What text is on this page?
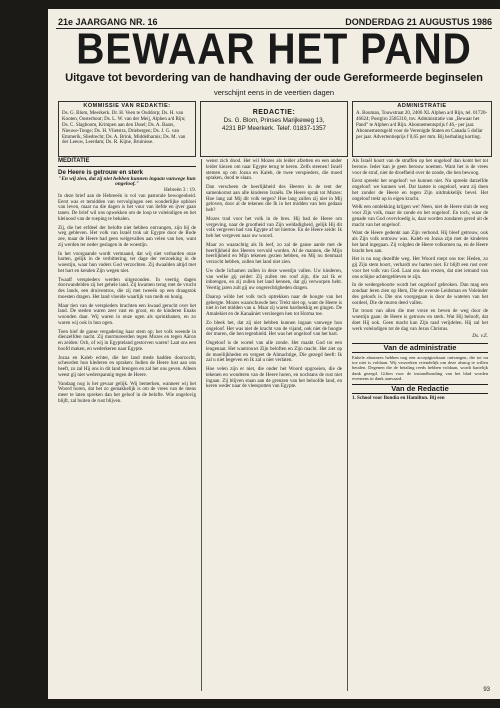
21e JAARGANG NR. 16	DONDERDAG 21 AUGUSTUS 1986
BEWAAR HET PAND
Uitgave tot bevordering van de handhaving der oude Gereformeerde beginselen
verschijnt eens in de veertien dagen
KOMMISSIE VAN REDAKTIE:

Ds. G. Blom, Meerkerk. Dr. H. Veen te Ouddorp; Ds. H. van Kooten, Oosterhout; Ds. L. W. van der Meij, Alphen a/d Rijn; Ds. C. Slagboom, Krimpen aan den IJssel; Ds. A. Baars, Nieuwe-Tonge; Ds. H. Vlietstra, Driebergen; Ds. J. G. van Emmerik, Sliedrecht; Ds. A. Brink, Middelharnis; Ds. M. van der Leeuw, Leerdam; Ds. R. Kijne, Bruinisse.

REDACTIE:

Ds. G. Blom, Prinses Marijkeweg 13,

4231 BP Meerkerk. Telef. 01837-1357

ADMINISTRATIE

A. Bouman, Touwstraat 20, 2406 XL Alphen a/d Rijn, tel. 01720-46624; Postgiro 2585310, tnv. Administratie van „Bewaar het Pand” te Alphen a/d Rijn. Abonnementsprijs f 46,- per jaar. Abonnementsgeld voor de Verenigde Staten en Canada 5 dollar per jaar. Advertentieprijs f 0,65 per mm. Bij herhaling korting.

MEDITATIE
De Heere is getrouw en sterk
"En wij zien, dat zij niet hebben kunnen ingaan vanwege hun ongeloof."
Hebreën 3 : 19.

In deze brief aan de Hebreeën is vol van pastorale bewogenheid. Eerst was er temidden van vervolgingen een wonderlijke opbloei van leven, maar na die dagen is het vuur van liefde en ijver gaan tanen. De brief wil ons opwekken om de loop te voleindigen en het kleinood van de roeping te behalen.

Zij, die het erfdeel der belofte niet hebben ontvangen, zijn bij de weg gebleven. Het volk van Israël trok uit Egypte door de Rode zee, maar de Heere had geen welgevallen aan velen van hen, want zij werden ter neder geslagen in de woestijn.

In het voorgaande wordt vermaand, dat wij niet verharden onze harten, gelijk in de verbittering, ter dage der verzoeking in de woestijn, waar hun vaders God verzochten. Zij dwaalden altijd met het hart en kenden Zijn wegen niet.

Twaalf verspieders werden uitgezonden. In veertig dagen doorwandelden zij het gehele land. Zij kwamen terug met de vrucht des lands, een druiventros, die zij met tweeën op een draagstok moesten dragen. Het land vloeide waarlijk van melk en honig.

Maar tien van de verspieders brachten een kwaad gerucht over het land. De steden waren zeer vast en groot, en de kinderen Enaks woonden daar. Wij waren in onze ogen als sprinkhanen, en zo waren wij ook in hun ogen.

Toen hief de ganse vergadering haar stem op; het volk weende in dienzelfden nacht. Zij murmureerden tegen Mozes en tegen Aäron en zeiden: Och, of wij in Egypteland gestorven waren! Laat ons een hoofd maken, en wederkeren naar Egypte.

Jozua en Kaleb echter, die het land mede hadden doorzocht, scheurden hun klederen en spraken: Indien de Heere lust aan ons heeft, zo zal Hij ons in dit land brengen en zal het ons geven. Alleen weest gij niet wederspannig tegen de Heere.

Vandaag nog is het gevaar gelijk. Wij bemerken, wanneer wij het Woord horen, dat het zo gemakkelijk is om de vrees van de mens meer te laten spreken dan het geloof in de belofte. Wie ongelovig blijft, zal buiten de rust blijven.

wenst zich dood. Het wil Mozes als leider afzetten en een ander leider kiezen om naar Egypte terug te keren. Zelfs steenen! Israël stemen op om Jozua en Kaleb, de twee verspieders, die moed spraken, dood te slaan.

Dan verscheen de heerlijkheid des Heeren in de tent der samenkomst aan alle kinderen Israëls. De Heere sprak tot Mozes: Hoe lang zal Mij dit volk tergen? Hoe lang zullen zij niet in Mij geloven, door al de tekenen die Ik in het midden van hen gedaan heb?

Mozes trad voor het volk in de bres. Hij bad de Heere om vergeving, naar de grootheid van Zijn weldadigheid, gelijk Hij dit volk vergeven had van Egypte af tot hiertoe. En de Heere zeide: Ik heb het vergeven naar uw woord.

Maar zo waarachtig als Ik leef, zo zal de ganse aarde met de heerlijkheid des Heeren vervuld worden. Al de mannen, die Mijn heerlijkheid en Mijn tekenen gezien hebben, en Mij nu tienmaal verzocht hebben, zullen het land niet zien.

Uw dode lichamen zullen in deze woestijn vallen. Uw kinderen, van welke gij zeidet: Zij zullen ten roof zijn, die zal Ik er inbrengen, en zij zullen het land kennen, dat gij verworpen hebt. Veertig jaren zult gij uw ongerechtigheden dragen.

Daarop wilde het volk toch optrekken naar de hoogte van het gebergte. Mozes waarschuwde hen: Trekt niet op, want de Heere is niet in het midden van u. Maar zij waren hardnekkig en gingen. De Amalekiet en de Kanaäniet versloegen hen tot Horma toe.

Zo bleek het, dat zij niet hebben kunnen ingaan vanwege hun ongeloof. Het was niet de kracht van de vijand, ook niet de hoogte der muren, die hen tegenhield. Het was het ongeloof van het hart.

Ongeloof is de wortel van alle zonde. Het maakt God tot een leugenaar. Het wantrouwt Zijn beloften en Zijn macht. Het ziet op de moeilijkheden en vergeet de Almachtige, Die gezegd heeft: Ik zal u niet begeven en Ik zal u niet verlaten.

Hoe velen zijn er niet, die onder het Woord opgroeien, die de tekenen en wonderen van de Heere horen, en nochtans de rust niet ingaan. Zij blijven staan aan de grenzen van het beloofde land, en keren weder naar de vleespotten van Egypte.

Als Israël hoort van de straffen op het ongeloof dan komt het tot berouw. Ieder kan je geen berouw noemen. Want het is de vrees voor de straf, niet de droefheid over de zonde, die hen bewoog.

Eerst spreekt het ongeloof: we kunnen niet. Nu spreekt datzelfde ongeloof: we kunnen wel. Dat laatste is ongeloof, want zij doen het zonder de Heere en tegen Zijn uitdrukkelijk bevel. Het ongeloof trekt op in eigen kracht.

Welk een ontdekking krijgen we! Neen, niet de Heere sluit de weg voor Zijn volk, maar de zonde en het ongeloof. En toch, waar de genade van God overvloedig is, daar worden zondaren gered uit de macht van het ongeloof.

Want de Heere gedenkt aan Zijn verbond. Hij bleef getrouw, ook als Zijn volk ontrouw was. Kaleb en Jozua zijn met de kinderen het land ingegaan. Zij volgden de Heere volkomen na, en de Heere bracht hen aan.

Het is nu nog dezelfde weg. Het Woord roept ons toe: Heden, zo gij Zijn stem hoort, verhardt uw harten niet. Er blijft een rust over voor het volk van God. Laat ons dan vrezen, dat niet iemand van ons schijne achtergebleven te zijn.

In de wedergeboorte wordt het ongeloof gebroken. Dan mag een zondaar leren zien op Hem, Die de overste Leidsman en Voleinder des geloofs is. Die ons voorgegaan is door de wateren van het oordeel, Die de muren deed vallen.

Tot troost van allen die met vreze en beven de weg door de woestijn gaan: de Heere is getrouw en sterk. Wat Hij belooft, dat doet Hij ook. Geen macht kan Zijn raad verijdelen. Hij zal het werk voleindigen tot de dag van Jezus Christus.

Ds. v.Z.
Van de administratie

Enkele abonnees hebben nog een acceptgirokaart ontvangen, die tot nu toe niet is voldaan. Wij verzoeken vriendelijk om deze alsnog te willen betalen. Degenen die de betaling reeds hebben voldaan, wordt hartelijk dank gezegd. Giften voor de instandhouding van het blad worden eveneens in dank aanvaard.

Van de Redactie

1. School voor Bondia en Hamilton. Bij een

93
